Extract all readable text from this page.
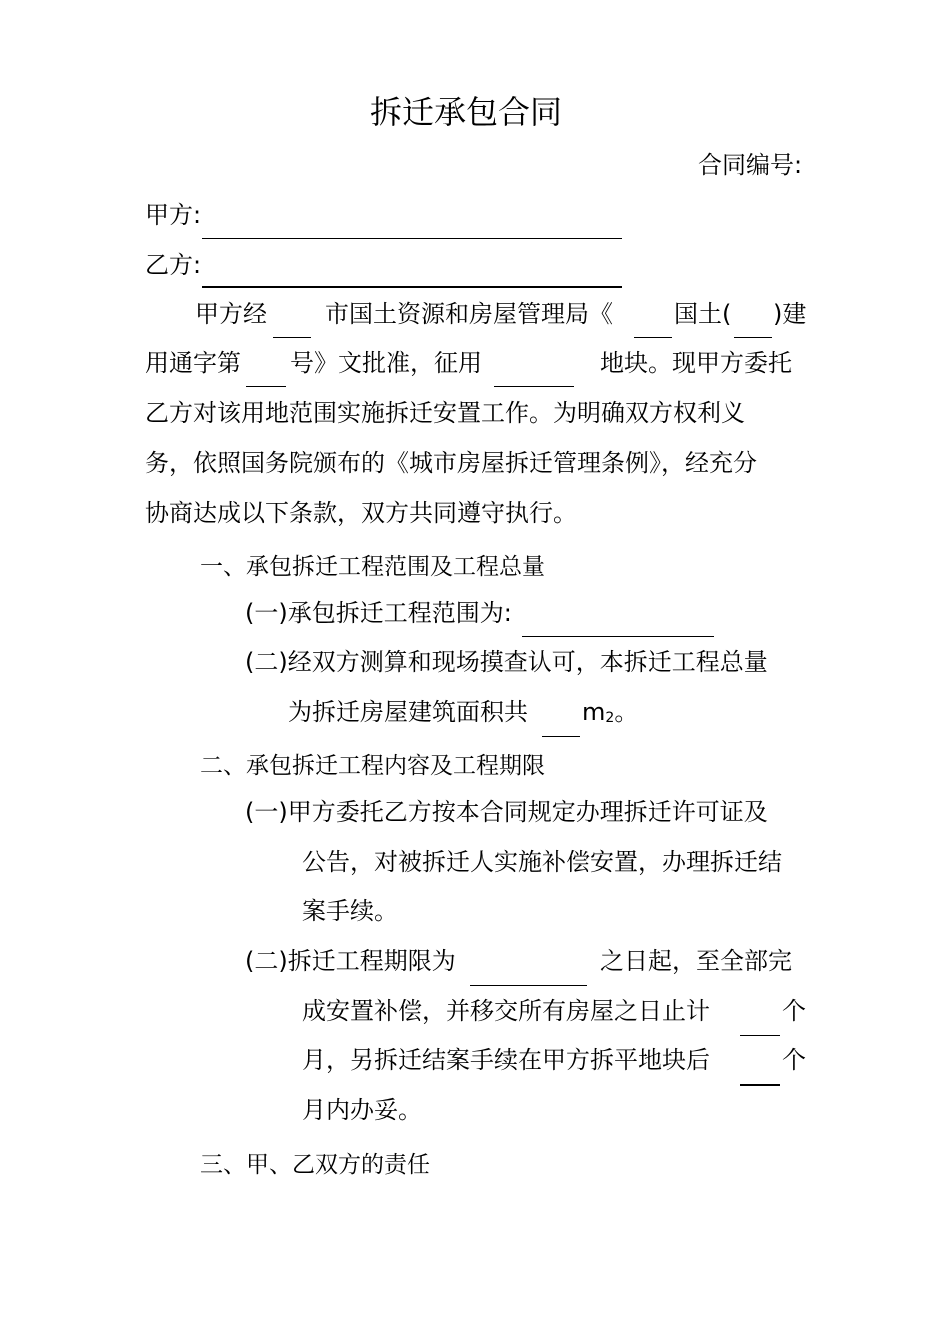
拆迁承包合同
合同编号:
甲方:
乙方:
甲方经 市国土资源和房屋管理局《	国土( )建
用通字第 号》文批准，征用	地块。现甲方委托
乙方对该用地范围实施拆迁安置工作。为明确双方权利义
务，依照国务院颁布的《城市房屋拆迁管理条例》，经充分
协商达成以下条款，双方共同遵守执行。
一、承包拆迁工程范围及工程总量
(一)承包拆迁工程范围为:
(二)经双方测算和现场摸查认可，本拆迁工程总量
为拆迁房屋建筑面积共 m2。
二、承包拆迁工程内容及工程期限
(一)甲方委托乙方按本合同规定办理拆迁许可证及
公告，对被拆迁人实施补偿安置，办理拆迁结
案手续。
(二)拆迁工程期限为	之日起，至全部完
成安置补偿，并移交所有房屋之日止计	个
月，另拆迁结案手续在甲方拆平地块后	个
月内办妥。
三、甲、乙双方的责任
